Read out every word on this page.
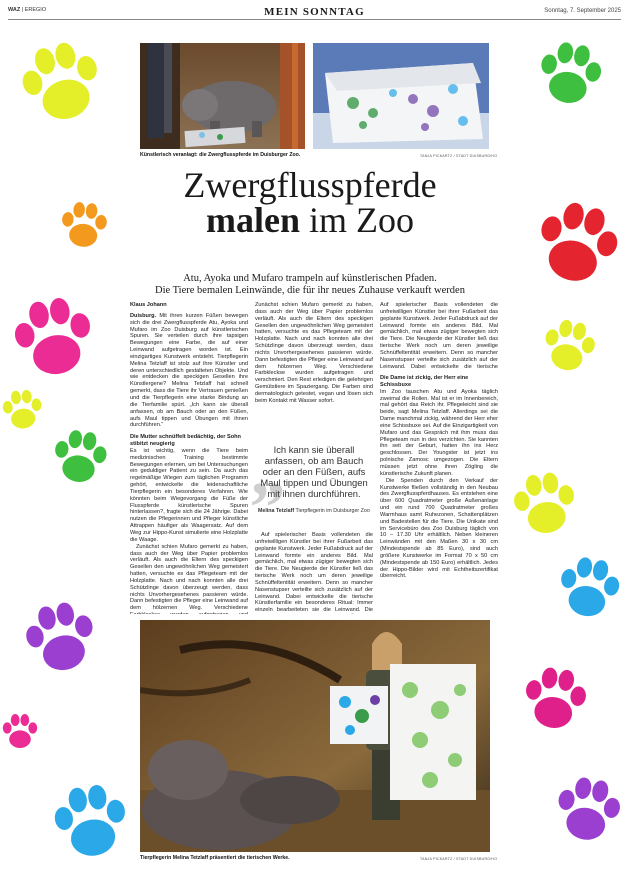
WAZ | EREGIO	MEIN SONNTAG	Sonntag, 7. September 2025
Künstlerisch veranlagt: die Zwergflusspferde im Duisburger Zoo.	TANJA PICKARTZ / STADT DUISBURG/HO
Zwergflusspferde
malen im Zoo
Atu, Ayoka und Mufaro trampeln auf künstlerischen Pfaden.
Die Tiere bemalen Leinwände, die für ihr neues Zuhause verkauft werden

Klaus Johann

Duisburg. Mit ihren kurzen Füßen bewegen sich die drei Zwergflusspferde Atu, Ayoka und Mufaro im Zoo Duisburg auf künstlerischen Spuren. Sie verteilen durch ihre tapsigen Bewegungen eine Farbe, die auf einer Leinwand aufgetragen worden ist. Ein einzigartiges Kunstwerk entsteht. Tierpflegerin Melina Tetzlaff ist stolz auf ihre Künstler und deren unterschiedlich gestalteten Objekte. Und wie entdecken die speckigen Gesellen ihre Künstlergene? Melina Tetzlaff hat schnell gemerkt, dass die Tiere ihr Vertrauen genießen und die Tierpflegerin eine starke Bindung an die Tierfamilie spürt. „Ich kann sie überall anfassen, ob am Bauch oder an den Füßen, aufs Maul tippen und Übungen mit ihnen durchführen.“

Die Mutter schnüffelt bedächtig, der Sohn stibitzt neugierig

Es ist wichtig, wenn die Tiere beim medizinischen Training bestimmte Bewegungen erlernen, um bei Untersuchungen ein geduldiger Patient zu sein. Da auch das regelmäßige Wiegen zum täglichen Programm gehört, entwickelte die leidenschaftliche Tierpflegerin ein besonderes Verfahren. Wie könnten beim Wiegevorgang die Füße der Flusspferde künstlerische Spuren hinterlassen?, fragte sich die 24 Jährige. Dabei nutzen die Pflegerinnen und Pfleger künstliche Attrappen häufiger als Waagersatz. Auf dem Weg zur Hippo-Kunst simulierte eine Holzplatte die Waage.

Zunächst schien Mufaro gemerkt zu haben, dass auch der Weg über Papier problemlos verläuft. Als auch die Eltern des speckigen Gesellen den ungewöhnlichen Weg gemeistert hatten, versuchte es das Pflegeteam mit der Holzplatte. Nach und nach konnten alle drei Schützlinge davon überzeugt werden, dass nichts Unvorhergesehenes passieren würde. Dann befestigten die Pfleger eine Leinwand auf dem hölzernen Weg. Verschiedene

Zunächst schien Mufaro gemerkt zu haben, dass auch der Weg über Papier problemlos verläuft. Als auch die Eltern des speckigen Gesellen den ungewöhnlichen Weg gemeistert hatten, versuchte es das Pflegeteam mit der Holzplatte. Nach und nach konnten alle drei Schützlinge davon überzeugt werden, dass nichts Unvorhergesehenes passieren würde. Dann befestigten die Pfleger eine Leinwand auf dem hölzernen Weg. Verschiedene Farbkleckse wurden aufgetragen und verschmiert. Den Rest erledigen die gelehrigen Gemütstiere im Spaziergang. Die Farben sind dermatologisch getestet, vegan und lösen sich beim Kontakt mit Wasser sofort.

Auf spielerischer Basis vollendeten die unfreiwilligen Künstler bei ihrer Fußarbeit das geplante Kunstwerk. Jeder Fußabdruck auf der Leinwand formte ein anderes Bild. Mal gemächlich, mal etwas zügiger bewegten sich die Tiere. Die Neugierde der Künstler ließ das tierische Werk noch um deren jeweilige Schnüffeltentität erweitern. Denn so mancher Nasenstupser verteilte sich zusätzlich auf der Leinwand. Dabei entwickelte die tierische Künstlerfamilie ein besonderes Ritual: Immer einzeln bearbeiteten sie die Leinwand. Die

„
Ich kann sie überall anfassen, ob am Bauch oder an den Füßen, aufs Maul tippen und Übungen mit ihnen durchführen.
Melina Tetzlaff Tierpflegerin im Duisburger Zoo

Auf spielerischer Basis vollendeten die unfreiwilligen Künstler bei ihrer Fußarbeit das geplante Kunstwerk. Jeder Fußabdruck auf der Leinwand formte ein anderes Bild. Mal gemächlich, mal etwas zügiger bewegten sich die Tiere. Die Neugierde der Künstler ließ das tierische Werk noch um deren jeweilige Schnüffeltentität erweitern. Denn so mancher Nasenstupser verteilte sich zusätzlich auf der Leinwand. Dabei entwickelte die tierische

Die Dame ist zickig, der Herr eine Schissbuxe

Im Zoo tauschen Atu und Ayoka täglich zweimal die Rollen. Mal ist er im Innenbereich, mal gehört das Reich ihr. Pflegeleicht sind sie beide, sagt Melina Tetzlaff. Allerdings sei die Dame manchmal zickig, während der Herr eher eine Schissbuxe sei. Auf die Einzigartigkeit von Mufaro und das Gespräch mit ihm muss das Pflegeteam nun in des verzichten. Sie kannten ihn seit der Geburt, hatten ihn ins Herz geschlossen. Der Youngster ist jetzt ins polnische Zamosc umgezogen. Die Eltern müssen jetzt ohne ihren Zögling die künstlerische Zukunft planen.

Die Spenden durch den Verkauf der Kunstwerke fließen vollständig in den Neubau des Zwergflusspferdhauses. Es entstehen eine über 600 Quadratmeter große Außenanlage und ein rund 700 Quadratmeter großes Warmhaus samt Ruhezonen, Schattenplätzen und Badestellen für die Tiere. Die Unikate sind im Servicebüro des Zoo Duisburg täglich von 10 – 17.30 Uhr erhältlich. Neben kleineren Leinwänden mit den Maßen 30 x 30 cm (Mindestspende ab 85 Euro), sind auch größere Kunstwerke im Format 70 x 50 cm (Mindestspende ab 150 Euro) erhältlich. Jedes der Hippo-Bilder wird mit Echtheitszertifikat überreicht.

Tierpflegerin Melina Tetzlaff präsentiert die tierischen Werke.	TANJA PICKARTZ / STADT DUISBURG/HO
